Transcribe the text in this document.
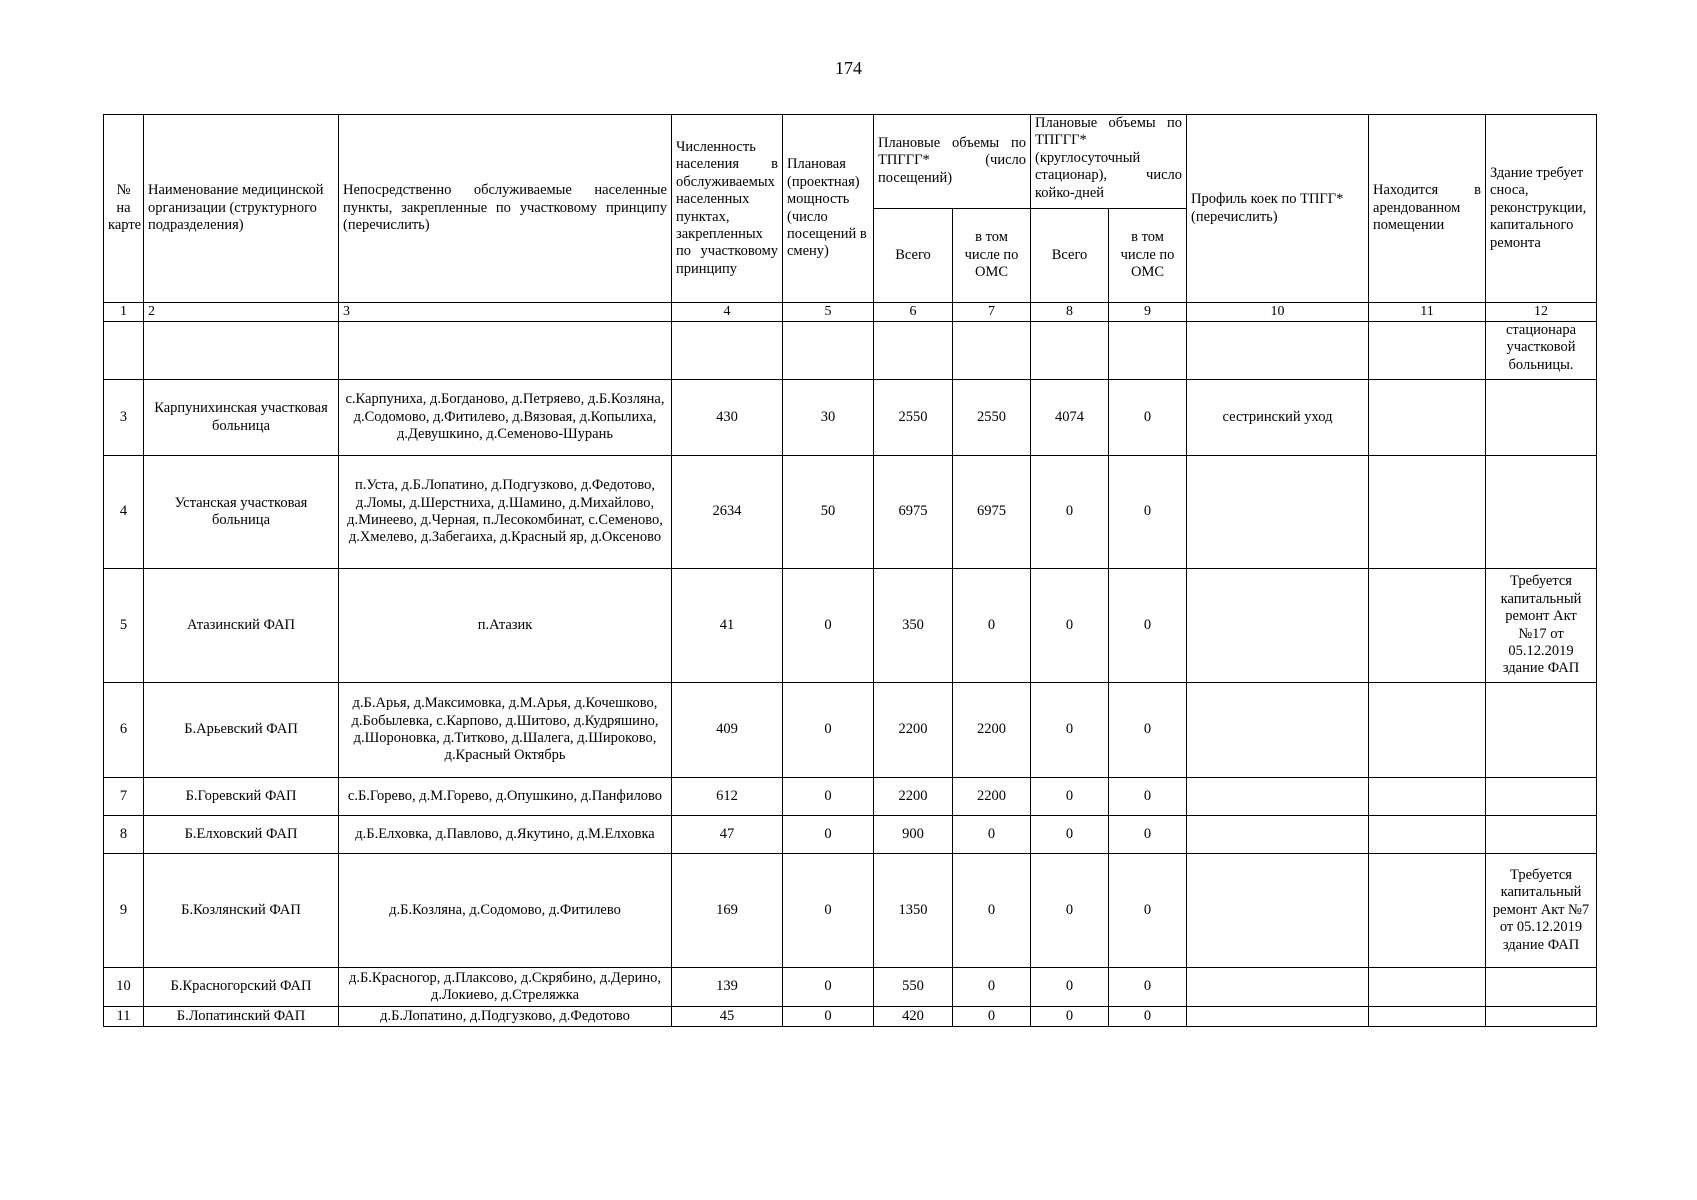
174
№ на карте	Наименование медицинской организации (структурного подразделения)	Непосредственно обслуживаемые населенные пункты, закрепленные по участковому принципу (перечислить)	Численность населения в обслуживаемых населенных пунктах, закрепленных по участковому принципу	Плановая (проектная) мощность (число посещений в смену)	Плановые объемы по ТПГГГ* (число посещений)		Плановые объемы по ТПГГГ* (круглосуточный стационар), число койко-дней		Профиль коек по ТПГГ* (перечислить)	Находится в арендованном помещении	Здание требует сноса, реконструкции, капитального ремонта
					Всего	в том числе по ОМС	Всего	в том числе по ОМС			
1	2	3	4	5	6	7	8	9	10	11	12
											стационара участковой больницы.
3	Карпунихинская участковая больница	с.Карпуниха, д.Богданово, д.Петряево, д.Б.Козляна, д.Содомово, д.Фитилево, д.Вязовая, д.Копылиха, д.Девушкино, д.Семеново-Шурань	430	30	2550	2550	4074	0	сестринский уход		
4	Устанская участковая больница	п.Уста, д.Б.Лопатино, д.Подгузково, д.Федотово, д.Ломы, д.Шерстниха, д.Шамино, д.Михайлово, д.Минеево, д.Черная, п.Лесокомбинат, с.Семеново, д.Хмелево, д.Забегаиха, д.Красный яр, д.Оксеново	2634	50	6975	6975	0	0			
5	Атазинский ФАП	п.Атазик	41	0	350	0	0	0			Требуется капитальный ремонт Акт №17 от 05.12.2019 здание ФАП
6	Б.Арьевский ФАП	д.Б.Арья, д.Максимовка, д.М.Арья, д.Кочешково, д.Бобылевка, с.Карпово, д.Шитово, д.Кудряшино, д.Шороновка, д.Титково, д.Шалега, д.Широково, д.Красный Октябрь	409	0	2200	2200	0	0			
7	Б.Горевский ФАП	с.Б.Горево, д.М.Горево, д.Опушкино, д.Панфилово	612	0	2200	2200	0	0			
8	Б.Елховский ФАП	д.Б.Елховка, д.Павлово, д.Якутино, д.М.Елховка	47	0	900	0	0	0			
9	Б.Козлянский ФАП	д.Б.Козляна, д.Содомово, д.Фитилево	169	0	1350	0	0	0			Требуется капитальный ремонт Акт №7 от 05.12.2019 здание ФАП
10	Б.Красногорский ФАП	д.Б.Красногор, д.Плаксово, д.Скрябино, д.Дерино, д.Локиево, д.Стреляжка	139	0	550	0	0	0			
11	Б.Лопатинский ФАП	д.Б.Лопатино, д.Подгузково, д.Федотово	45	0	420	0	0	0			
